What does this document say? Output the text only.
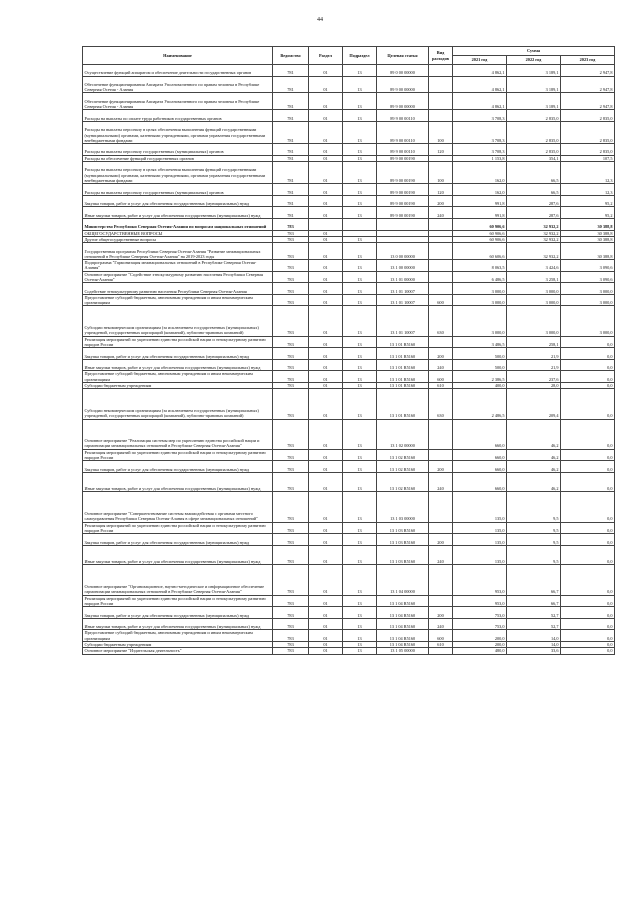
44
Наименование	Ведомство	Раздел	Подраздел	Целевая статья	Вид расходов	Сумма		
						2021 год	2022 год	2023 год
Осуществление функций аппаратом и обеспечение деятельности государственных органов	781	01	13	89 0 00 00000		4 862,1	3 189,1	2 947,8
Обеспечение функционирования Аппарата Уполномоченного по правам человека в Республике Северная Осетия - Алания	781	01	13	89 9 00 00000		4 862,1	3 189,1	2 947,8
Обеспечение функционирования Аппарата Уполномоченного по правам человека в Республике Северная Осетия - Алания	781	01	13	89 9 00 00000		4 862,1	3 189,1	2 947,8
Расходы на выплаты по оплате труда работников государственных органов	781	01	13	89 9 00 00110		3 708,3	2 835,0	2 835,0
Расходы на выплаты персоналу в целях обеспечения выполнения функций государственными (муниципальными) органами, казенными учреждениями, органами управления государственными внебюджетными фондами	781	01	13	89 9 00 00110	100	3 708,3	2 835,0	2 835,0
Расходы на выплаты персоналу государственных (муниципальных) органов	781	01	13	89 9 00 00110	120	3 708,3	2 835,0	2 835,0
Расходы на обеспечение функций государственных органов	781	01	13	89 9 00 00190		1 153,8	354,1	107,5
Расходы на выплаты персоналу в целях обеспечения выполнения функций государственными (муниципальными) органами, казенными учреждениями, органами управления государственными внебюджетными фондами	781	01	13	89 9 00 00190	100	162,0	66,5	12,3
Расходы на выплаты персоналу государственных (муниципальных) органов	781	01	13	89 9 00 00190	120	162,0	66,5	12,3
Закупка товаров, работ и услуг для обеспечения государственных (муниципальных) нужд	781	01	13	89 9 00 00190	200	991,8	287,6	95,2
Иные закупки товаров, работ и услуг для обеспечения государственных (муниципальных) нужд	781	01	13	89 9 00 00190	240	991,8	287,6	95,2
Министерство Республики Северная Осетия-Алания по вопросам национальных отношений	783					60 906,6	32 932,2	30 388,8
ОБЩЕГОСУДАРСТВЕННЫЕ ВОПРОСЫ	783	01				60 906,6	32 932,2	30 388,8
Другие общегосударственные вопросы	783	01	13			60 906,6	32 932,2	30 388,8
Государственная программа Республики Северная Осетия-Алания "Развитие межнациональных отношений в Республике Северная Осетия-Алания" на 2019-2023 годы	783	01	13	13 0 00 00000		60 606,6	32 932,2	30 388,8
Подпрограмма "Гармонизация межнациональных отношений в Республике Северная Осетия-Алания"	783	01	13	13 1 00 00000		8 063,5	3 424,6	3 090,6
Основное мероприятие "Содействие этнокультурному развитию населения Республики Северная Осетия-Алания"	783	01	13	13 1 01 00000		6 486,5	3 258,1	3 090,6
Содействие этнокультурному развитию населения Республики Северная Осетия-Алания	783	01	13	13 1 01 10007		3 000,0	3 000,0	3 000,0
Предоставление субсидий бюджетным, автономным учреждениям и иным некоммерческим организациям	783	01	13	13 1 01 10007	600	3 000,0	3 000,0	3 000,0
Субсидии некоммерческим организациям (за исключением государственных (муниципальных) учреждений, государственных корпораций (компаний), публично-правовых компаний)	783	01	13	13 1 01 10007	630	3 000,0	3 000,0	3 000,0
Реализация мероприятий по укреплению единства российской нации и этнокультурному развитию народов России	783	01	13	13 1 01 R5160		3 486,5	258,1	0,0
Закупка товаров, работ и услуг для обеспечения государственных (муниципальных) нужд	783	01	13	13 1 01 R5160	200	500,0	21,9	0,0
Иные закупки товаров, работ и услуг для обеспечения государственных (муниципальных) нужд	783	01	13	13 1 01 R5160	240	500,0	21,9	0,0
Предоставление субсидий бюджетным, автономным учреждениям и иным некоммерческим организациям	783	01	13	13 1 01 R5160	600	2 386,5	237,6	0,0
Субсидии бюджетным учреждениям	783	01	13	13 1 01 R5160	610	400,0	28,0	0,0
Субсидии некоммерческим организациям (за исключением государственных (муниципальных) учреждений, государственных корпораций (компаний), публично-правовых компаний)	783	01	13	13 1 01 R5160	630	2 486,5	209,4	0,0
Основное мероприятие "Реализация системы мер по укреплению единства российской нации и гармонизации межнациональных отношений в Республике Северная Осетия-Алания"	783	01	13	13 1 02 00000		660,0	46,2	0,0
Реализация мероприятий по укреплению единства российской нации и этнокультурному развитию народов России	783	01	13	13 1 02 R5160		660,0	46,2	0,0
Закупка товаров, работ и услуг для обеспечения государственных (муниципальных) нужд	783	01	13	13 1 02 R5160	200	660,0	46,2	0,0
Иные закупки товаров, работ и услуг для обеспечения государственных (муниципальных) нужд	783	01	13	13 1 02 R5160	240	660,0	46,2	0,0
Основное мероприятие "Совершенствование системы взаимодействия с органами местного самоуправления Республики Северная Осетия-Алания в сфере межнациональных отношений"	783	01	13	13 1 03 00000		135,0	9,5	0,0
Реализация мероприятий по укреплению единства российской нации и этнокультурному развитию народов России	783	01	13	13 1 03 R5160		135,0	9,5	0,0
Закупка товаров, работ и услуг для обеспечения государственных (муниципальных) нужд	783	01	13	13 1 03 R5160	200	135,0	9,5	0,0
Иные закупки товаров, работ и услуг для обеспечения государственных (муниципальных) нужд	783	01	13	13 1 03 R5160	240	135,0	9,5	0,0
Основное мероприятие "Организационное, научно-методическое и информационное обеспечение гармонизации межнациональных отношений в Республике Северная Осетия-Алания"	783	01	13	13 1 04 00000		953,0	66,7	0,0
Реализация мероприятий по укреплению единства российской нации и этнокультурному развитию народов России	783	01	13	13 1 04 R5160		953,0	66,7	0,0
Закупка товаров, работ и услуг для обеспечения государственных (муниципальных) нужд	783	01	13	13 1 04 R5160	200	753,0	52,7	0,0
Иные закупки товаров, работ и услуг для обеспечения государственных (муниципальных) нужд	783	01	13	13 1 04 R5160	240	753,0	52,7	0,0
Предоставление субсидий бюджетным, автономным учреждениям и иным некоммерческим организациям	783	01	13	13 1 04 R5160	600	200,0	14,0	0,0
Субсидии бюджетным учреждениям	783	01	13	13 1 04 R5160	610	200,0	14,0	0,0
Основное мероприятие "Издательская деятельность"	783	01	13	13 1 05 00000		480,0	33,6	0,0
